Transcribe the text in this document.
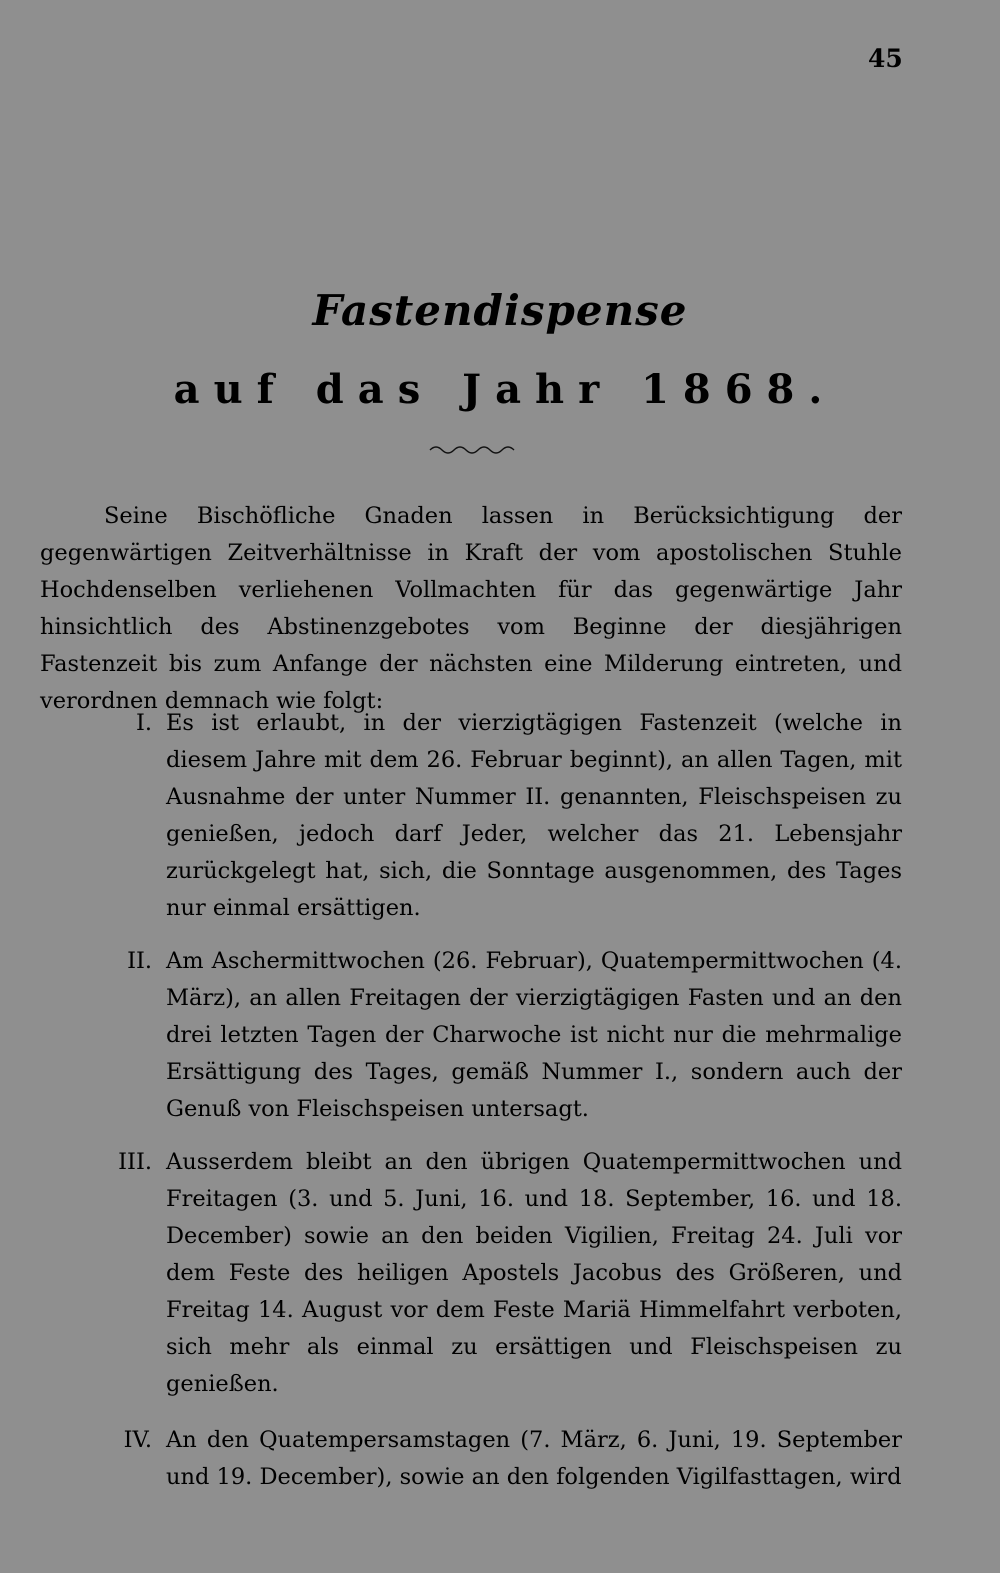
45
Fastendispense
auf das Jahr 1868.
Seine Bischöfliche Gnaden lassen in Berücksichtigung der gegenwärtigen Zeitverhältnisse in Kraft der vom apostolischen Stuhle Hochdenselben verliehenen Vollmachten für das gegenwärtige Jahr hinsichtlich des Abstinenzgebotes vom Beginne der diesjährigen Fastenzeit bis zum Anfange der nächsten eine Milderung eintreten, und verordnen demnach wie folgt:
I. Es ist erlaubt, in der vierzigtägigen Fastenzeit (welche in diesem Jahre mit dem 26. Februar beginnt), an allen Tagen, mit Ausnahme der unter Nummer II. genannten, Fleischspeisen zu genießen, jedoch darf Jeder, welcher das 21. Lebensjahr zurückgelegt hat, sich, die Sonntage ausgenommen, des Tages nur einmal ersättigen.
II. Am Aschermittwochen (26. Februar), Quatempermittwochen (4. März), an allen Freitagen der vierzigtägigen Fasten und an den drei letzten Tagen der Charwoche ist nicht nur die mehrmalige Ersättigung des Tages, gemäß Nummer I., sondern auch der Genuß von Fleischspeisen untersagt.
III. Ausserdem bleibt an den übrigen Quatempermittwochen und Freitagen (3. und 5. Juni, 16. und 18. September, 16. und 18. December) sowie an den beiden Vigilien, Freitag 24. Juli vor dem Feste des heiligen Apostels Jacobus des Größeren, und Freitag 14. August vor dem Feste Mariä Himmelfahrt verboten, sich mehr als einmal zu ersättigen und Fleischspeisen zu genießen.
IV. An den Quatempersamstagen (7. März, 6. Juni, 19. September und 19. December), sowie an den folgenden Vigilfasttagen, wird
